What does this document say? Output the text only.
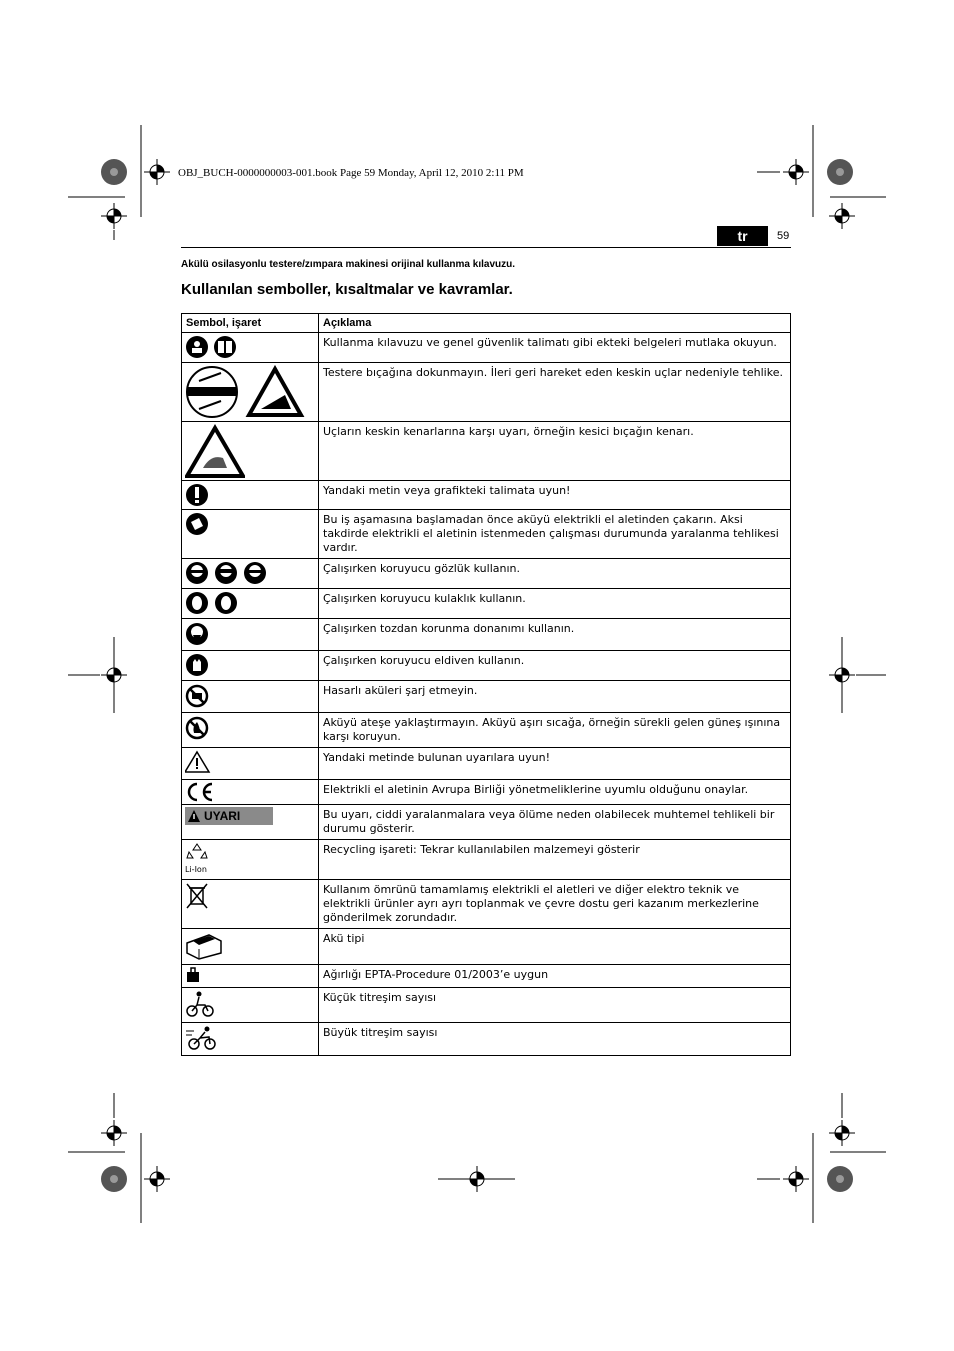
OBJ_BUCH-0000000003-001.book Page 59 Monday, April 12, 2010 2:11 PM
tr	59
Akülü osilasyonlu testere/zımpara makinesi orijinal kullanma kılavuzu.
Kullanılan semboller, kısaltmalar ve kavramlar.
Sembol, işaret	Açıklama
	Kullanma kılavuzu ve genel güvenlik talimatı gibi ekteki belgeleri mutlaka okuyun.
	Testere bıçağına dokunmayın. İleri geri hareket eden keskin uçlar nedeniyle tehlike.
	Uçların keskin kenarlarına karşı uyarı, örneğin kesici bıçağın kenarı.
	Yandaki metin veya grafikteki talimata uyun!
	Bu iş aşamasına başlamadan önce aküyü elektrikli el aletinden çakarın. Aksi takdirde elektrikli el aletinin istenmeden çalışması durumunda yaralanma tehlikesi vardır.
	Çalışırken koruyucu gözlük kullanın.
	Çalışırken koruyucu kulaklık kullanın.
	Çalışırken tozdan korunma donanımı kullanın.
	Çalışırken koruyucu eldiven kullanın.
	Hasarlı aküleri şarj etmeyin.
	Aküyü ateşe yaklaştırmayın. Aküyü aşırı sıcağa, örneğin sürekli gelen güneş ışınına karşı koruyun.
	Yandaki metinde bulunan uyarılara uyun!
	Elektrikli el aletinin Avrupa Birliği yönetmeliklerine uyumlu olduğunu onaylar.

UYARI	Bu uyarı, ciddi yaralanmalara veya ölüme neden olabilecek muhtemel tehlikeli bir durumu gösterir.

Li-Ion	Recycling işareti: Tekrar kullanılabilen malzemeyi gösterir
	Kullanım ömrünü tamamlamış elektrikli el aletleri ve diğer elektro teknik ve elektrikli ürünler ayrı ayrı toplanmak ve çevre dostu geri kazanım merkezlerine gönderilmek zorundadır.
	Akü tipi
	Ağırlığı EPTA-Procedure 01/2003’e uygun
	Küçük titreşim sayısı
	Büyük titreşim sayısı
